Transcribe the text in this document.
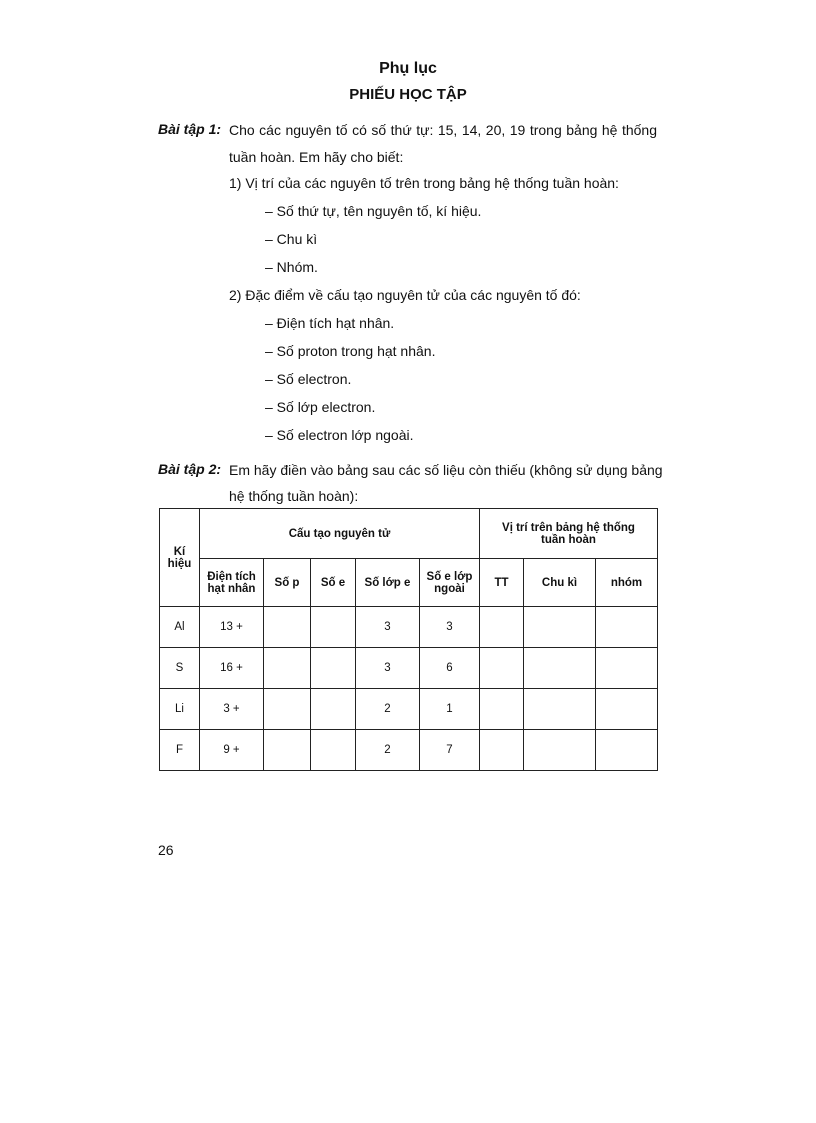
Phụ lục
PHIẾU HỌC TẬP
Bài tập 1: Cho các nguyên tố có số thứ tự: 15, 14, 20, 19 trong bảng hệ thống
tuần hoàn. Em hãy cho biết:
1) Vị trí của các nguyên tố trên trong bảng hệ thống tuần hoàn:
– Số thứ tự, tên nguyên tố, kí hiệu.
– Chu kì
– Nhóm.
2) Đặc điểm về cấu tạo nguyên tử của các nguyên tố đó:
– Điện tích hạt nhân.
– Số proton trong hạt nhân.
– Số electron.
– Số lớp electron.
– Số electron lớp ngoài.
Bài tập 2: Em hãy điền vào bảng sau các số liệu còn thiếu (không sử dụng bảng
hệ thống tuần hoàn):
Kí hiệu	Cấu tạo nguyên tử					Vị trí trên bảng hệ thống tuần hoàn		
	Điện tích hạt nhân	Số p	Số e	Số lớp e	Số e lớp ngoài	TT	Chu kì	nhóm
Al	13 +			3	3			
S	16 +			3	6			
Li	3 +			2	1			
F	9 +			2	7			
26
